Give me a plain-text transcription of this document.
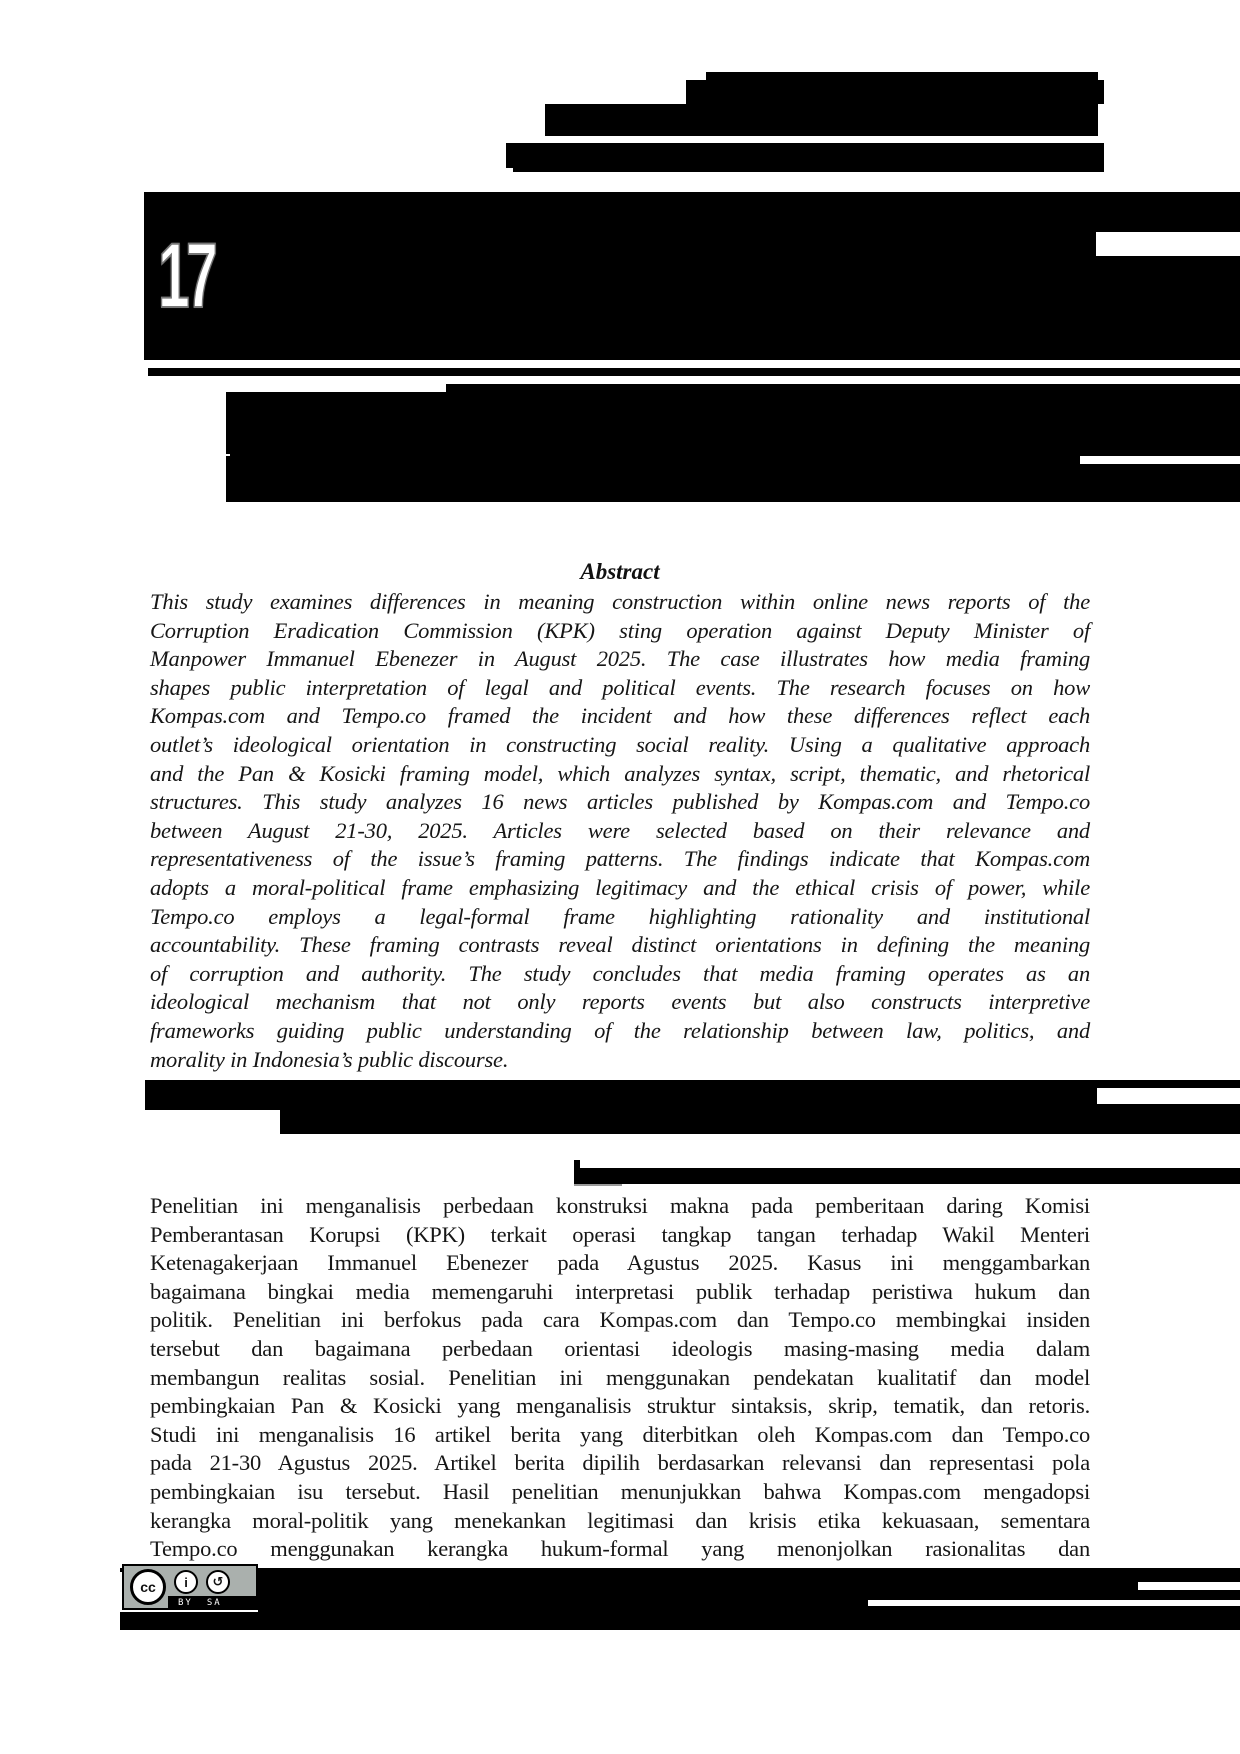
17
Abstract
This study examines differences in meaning construction within online news reports of the
Corruption Eradication Commission (KPK) sting operation against Deputy Minister of
Manpower Immanuel Ebenezer in August 2025. The case illustrates how media framing
shapes public interpretation of legal and political events. The research focuses on how
Kompas.com and Tempo.co framed the incident and how these differences reflect each
outlet’s ideological orientation in constructing social reality. Using a qualitative approach
and the Pan & Kosicki framing model, which analyzes syntax, script, thematic, and rhetorical
structures. This study analyzes 16 news articles published by Kompas.com and Tempo.co
between August 21-30, 2025. Articles were selected based on their relevance and
representativeness of the issue’s framing patterns. The findings indicate that Kompas.com
adopts a moral-political frame emphasizing legitimacy and the ethical crisis of power, while
Tempo.co employs a legal-formal frame highlighting rationality and institutional
accountability. These framing contrasts reveal distinct orientations in defining the meaning
of corruption and authority. The study concludes that media framing operates as an
ideological mechanism that not only reports events but also constructs interpretive
frameworks guiding public understanding of the relationship between law, politics, and
morality in Indonesia’s public discourse.
Penelitian ini menganalisis perbedaan konstruksi makna pada pemberitaan daring Komisi
Pemberantasan Korupsi (KPK) terkait operasi tangkap tangan terhadap Wakil Menteri
Ketenagakerjaan Immanuel Ebenezer pada Agustus 2025. Kasus ini menggambarkan
bagaimana bingkai media memengaruhi interpretasi publik terhadap peristiwa hukum dan
politik. Penelitian ini berfokus pada cara Kompas.com dan Tempo.co membingkai insiden
tersebut dan bagaimana perbedaan orientasi ideologis masing-masing media dalam
membangun realitas sosial. Penelitian ini menggunakan pendekatan kualitatif dan model
pembingkaian Pan & Kosicki yang menganalisis struktur sintaksis, skrip, tematik, dan retoris.
Studi ini menganalisis 16 artikel berita yang diterbitkan oleh Kompas.com dan Tempo.co
pada 21-30 Agustus 2025. Artikel berita dipilih berdasarkan relevansi dan representasi pola
pembingkaian isu tersebut. Hasil penelitian menunjukkan bahwa Kompas.com mengadopsi
kerangka moral-politik yang menekankan legitimasi dan krisis etika kekuasaan, sementara
Tempo.co menggunakan kerangka hukum-formal yang menonjolkan rasionalitas dan
cc	i	↺
BY SA
